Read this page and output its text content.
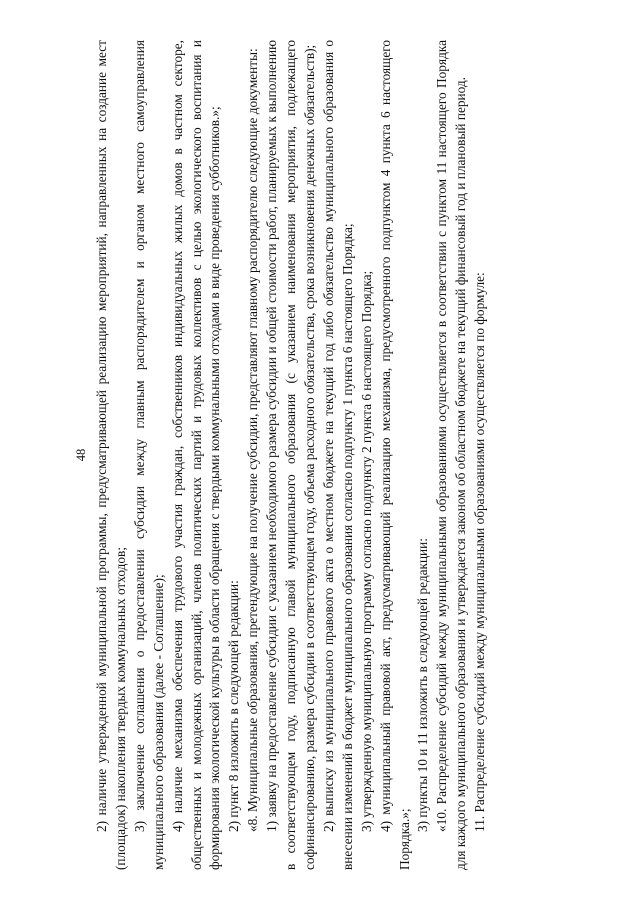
48 2) наличие утвержденной муниципальной программы, предусматривающей реализацию мероприятий, направленных на создание мест (площадок) накопления твердых коммунальных отходов; 3) заключение соглашения о предоставлении субсидии между главным распорядителем и органом местного самоуправления муниципального образования (далее - Соглашение); 4) наличие механизма обеспечения трудового участия граждан, собственников индивидуальных жилых домов в частном секторе, общественных и молодежных организаций, членов политических партий и трудовых коллективов с целью экологического воспитания и формирования экологической культуры в области обращения с твердыми коммунальными отходами в виде проведения субботников.»; 2) пункт 8 изложить в следующей редакции: «8. Муниципальные образования, претендующие на получение субсидии, представляют главному распорядителю следующие документы: 1) заявку на предоставление субсидии с указанием необходимого размера субсидии и общей стоимости работ, планируемых к выполнению в соответствующем году, подписанную главой муниципального образования (с указанием наименования мероприятия, подлежащего софинансированию, размера субсидии в соответствующем году, объема расходного обязательства, срока возникновения денежных обязательств); 2) выписку из муниципального правового акта о местном бюджете на текущий год либо обязательство муниципального образования о внесении изменений в бюджет муниципального образования согласно подпункту 1 пункта 6 настоящего Порядка; 3) утвержденную муниципальную программу согласно подпункту 2 пункта 6 настоящего Порядка; 4) муниципальный правовой акт, предусматривающий реализацию механизма, предусмотренного подпунктом 4 пункта 6 настоящего Порядка.»;

3) пункты 10 и 11 изложить в следующей редакции: «10. Распределение субсидий между муниципальными образованиями осуществляется в соответствии с пунктом 11 настоящего Порядка для каждого муниципального образования и утверждается законом об областном бюджете на текущий финансовый год и плановый период. 11. Распределение субсидий между муниципальными образованиями осуществляется по формуле:
